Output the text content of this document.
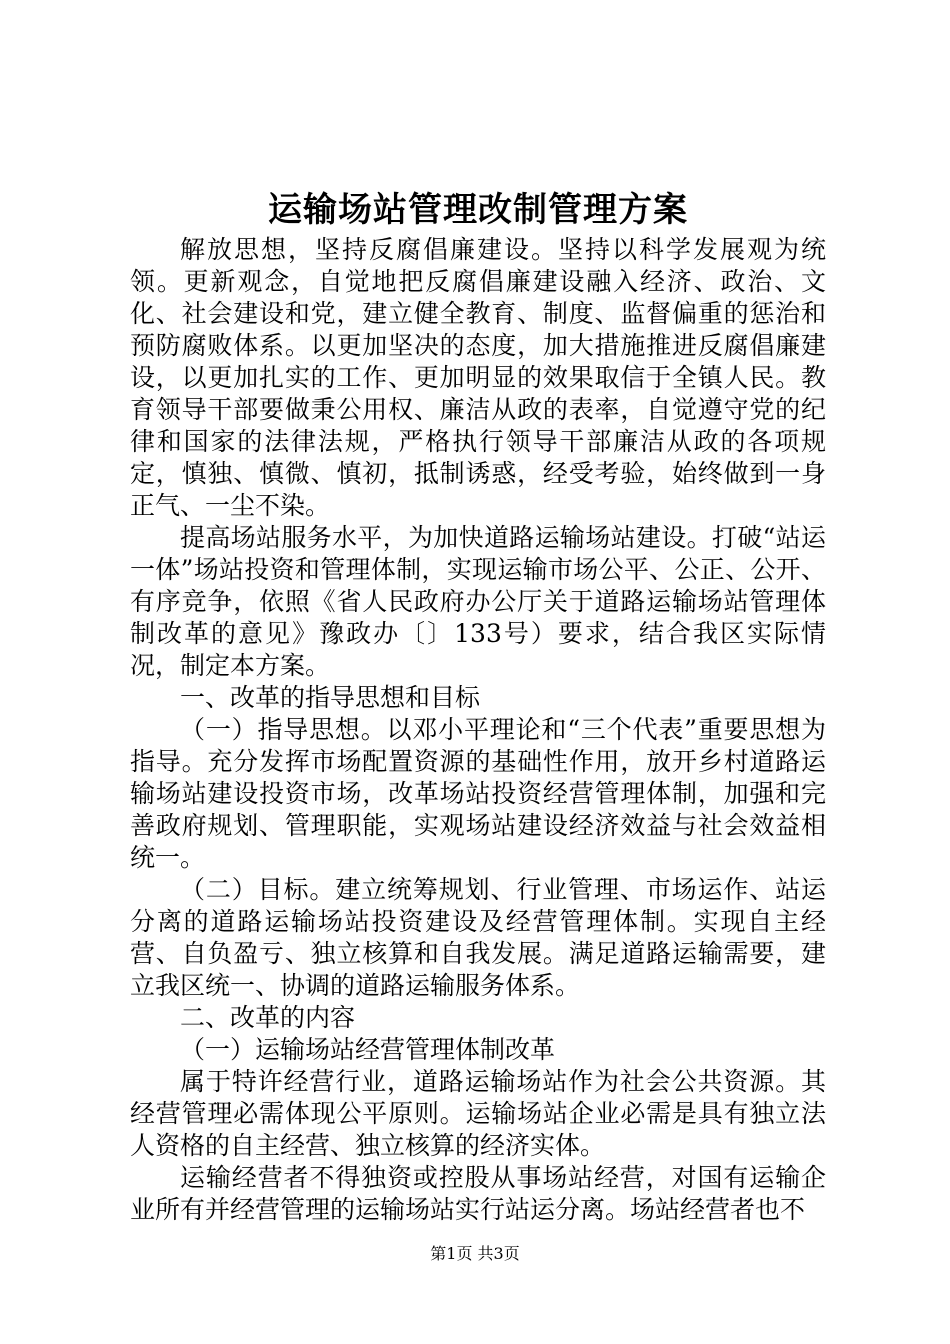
运输场站管理改制管理方案

解放思想，坚持反腐倡廉建设。坚持以科学发展观为统领。更新观念，自觉地把反腐倡廉建设融入经济、政治、文化、社会建设和党，建立健全教育、制度、监督偏重的惩治和预防腐败体系。以更加坚决的态度，加大措施推进反腐倡廉建设，以更加扎实的工作、更加明显的效果取信于全镇人民。教育领导干部要做秉公用权、廉洁从政的表率，自觉遵守党的纪律和国家的法律法规，严格执行领导干部廉洁从政的各项规定，慎独、慎微、慎初，抵制诱惑，经受考验，始终做到一身正气、一尘不染。

提高场站服务水平，为加快道路运输场站建设。打破“站运一体”场站投资和管理体制，实现运输市场公平、公正、公开、有序竞争，依照《省人民政府办公厅关于道路运输场站管理体制改革的意见》豫政办〔〕133号）要求，结合我区实际情况，制定本方案。

一、改革的指导思想和目标

（一）指导思想。以邓小平理论和“三个代表”重要思想为指导。充分发挥市场配置资源的基础性作用，放开乡村道路运输场站建设投资市场，改革场站投资经营管理体制，加强和完善政府规划、管理职能，实观场站建设经济效益与社会效益相统一。

（二）目标。建立统筹规划、行业管理、市场运作、站运分离的道路运输场站投资建设及经营管理体制。实现自主经营、自负盈亏、独立核算和自我发展。满足道路运输需要，建立我区统一、协调的道路运输服务体系。

二、改革的内容

（一）运输场站经营管理体制改革

属于特许经营行业，道路运输场站作为社会公共资源。其经营管理必需体现公平原则。运输场站企业必需是具有独立法人资格的自主经营、独立核算的经济实体。

运输经营者不得独资或控股从事场站经营，对国有运输企业所有并经营管理的运输场站实行站运分离。场站经营者也不

第1页 共3页
